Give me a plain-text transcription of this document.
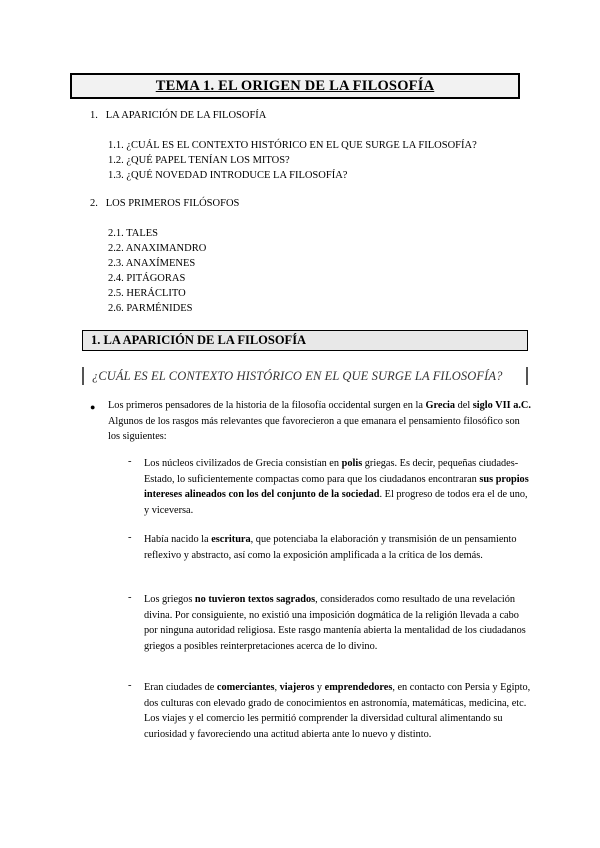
TEMA 1. EL ORIGEN DE LA FILOSOFÍA
1. LA APARICIÓN DE LA FILOSOFÍA
1.1. ¿CUÁL ES EL CONTEXTO HISTÓRICO EN EL QUE SURGE LA FILOSOFÍA?
1.2. ¿QUÉ PAPEL TENÍAN LOS MITOS?
1.3. ¿QUÉ NOVEDAD INTRODUCE LA FILOSOFÍA?
2. LOS PRIMEROS FILÓSOFOS
2.1. TALES
2.2. ANAXIMANDRO
2.3. ANAXÍMENES
2.4. PITÁGORAS
2.5. HERÁCLITO
2.6. PARMÉNIDES
1. LA APARICIÓN DE LA FILOSOFÍA
¿CUÁL ES EL CONTEXTO HISTÓRICO EN EL QUE SURGE LA FILOSOFÍA?
● Los primeros pensadores de la historia de la filosofía occidental surgen en la Grecia del siglo VII a.C. Algunos de los rasgos más relevantes que favorecieron a que emanara el pensamiento filosófico son los siguientes:
- Los núcleos civilizados de Grecia consistían en polis griegas. Es decir, pequeñas ciudades-Estado, lo suficientemente compactas como para que los ciudadanos encontraran sus propios intereses alineados con los del conjunto de la sociedad. El progreso de todos era el de uno, y viceversa.
- Había nacido la escritura, que potenciaba la elaboración y transmisión de un pensamiento reflexivo y abstracto, así como la exposición amplificada a la crítica de los demás.
- Los griegos no tuvieron textos sagrados, considerados como resultado de una revelación divina. Por consiguiente, no existió una imposición dogmática de la religión llevada a cabo por ninguna autoridad religiosa. Este rasgo mantenía abierta la mentalidad de los ciudadanos griegos a posibles reinterpretaciones acerca de lo divino.
- Eran ciudades de comerciantes, viajeros y emprendedores, en contacto con Persia y Egipto, dos culturas con elevado grado de conocimientos en astronomía, matemáticas, medicina, etc. Los viajes y el comercio les permitió comprender la diversidad cultural alimentando su curiosidad y favoreciendo una actitud abierta ante lo nuevo y distinto.
